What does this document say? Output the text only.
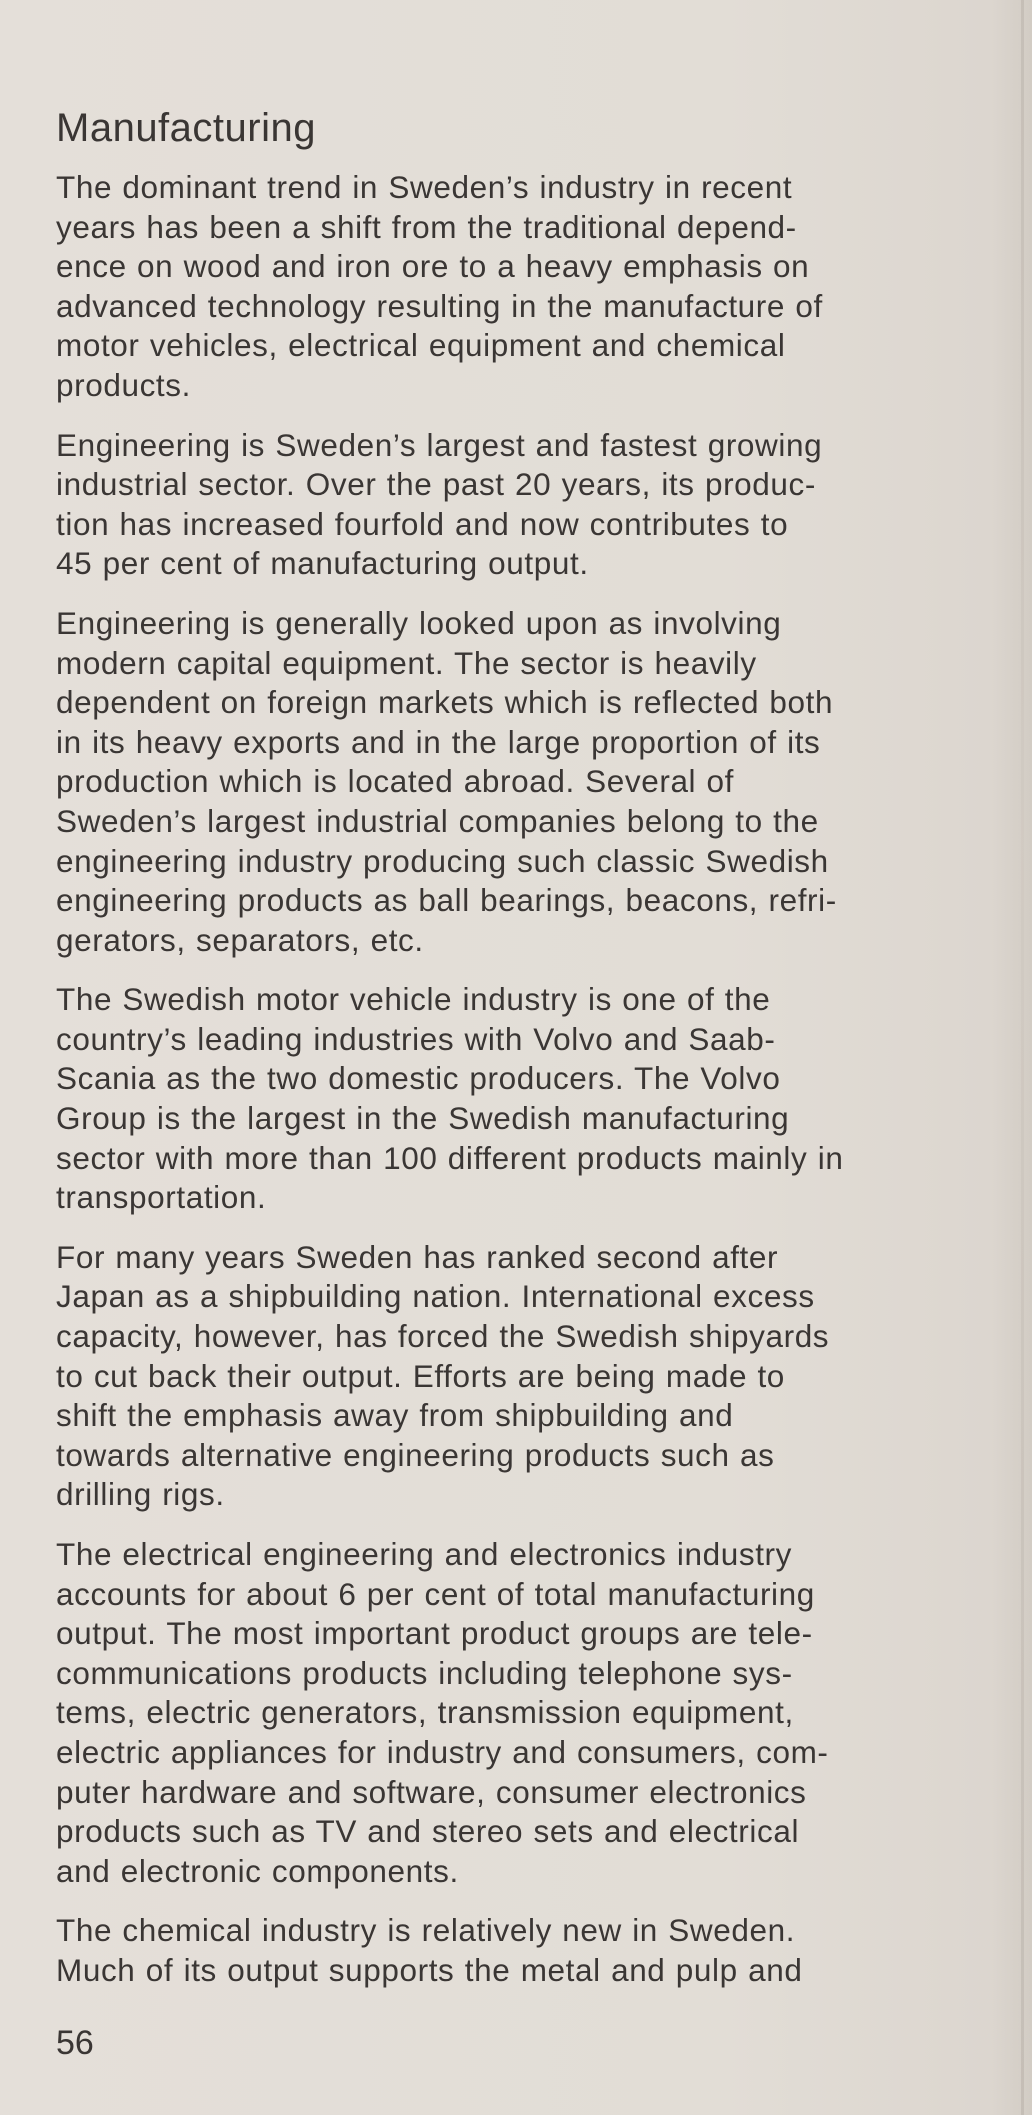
Manufacturing

The dominant trend in Sweden’s industry in recent
years has been a shift from the traditional depend-
ence on wood and iron ore to a heavy emphasis on
advanced technology resulting in the manufacture of
motor vehicles, electrical equipment and chemical
products.

Engineering is Sweden’s largest and fastest growing
industrial sector. Over the past 20 years, its produc-
tion has increased fourfold and now contributes to
45 per cent of manufacturing output.

Engineering is generally looked upon as involving
modern capital equipment. The sector is heavily
dependent on foreign markets which is reflected both
in its heavy exports and in the large proportion of its
production which is located abroad. Several of
Sweden’s largest industrial companies belong to the
engineering industry producing such classic Swedish
engineering products as ball bearings, beacons, refri-
gerators, separators, etc.

The Swedish motor vehicle industry is one of the
country’s leading industries with Volvo and Saab-
Scania as the two domestic producers. The Volvo
Group is the largest in the Swedish manufacturing
sector with more than 100 different products mainly in
transportation.

For many years Sweden has ranked second after
Japan as a shipbuilding nation. International excess
capacity, however, has forced the Swedish shipyards
to cut back their output. Efforts are being made to
shift the emphasis away from shipbuilding and
towards alternative engineering products such as
drilling rigs.

The electrical engineering and electronics industry
accounts for about 6 per cent of total manufacturing
output. The most important product groups are tele-
communications products including telephone sys-
tems, electric generators, transmission equipment,
electric appliances for industry and consumers, com-
puter hardware and software, consumer electronics
products such as TV and stereo sets and electrical
and electronic components.

The chemical industry is relatively new in Sweden.
Much of its output supports the metal and pulp and

56
